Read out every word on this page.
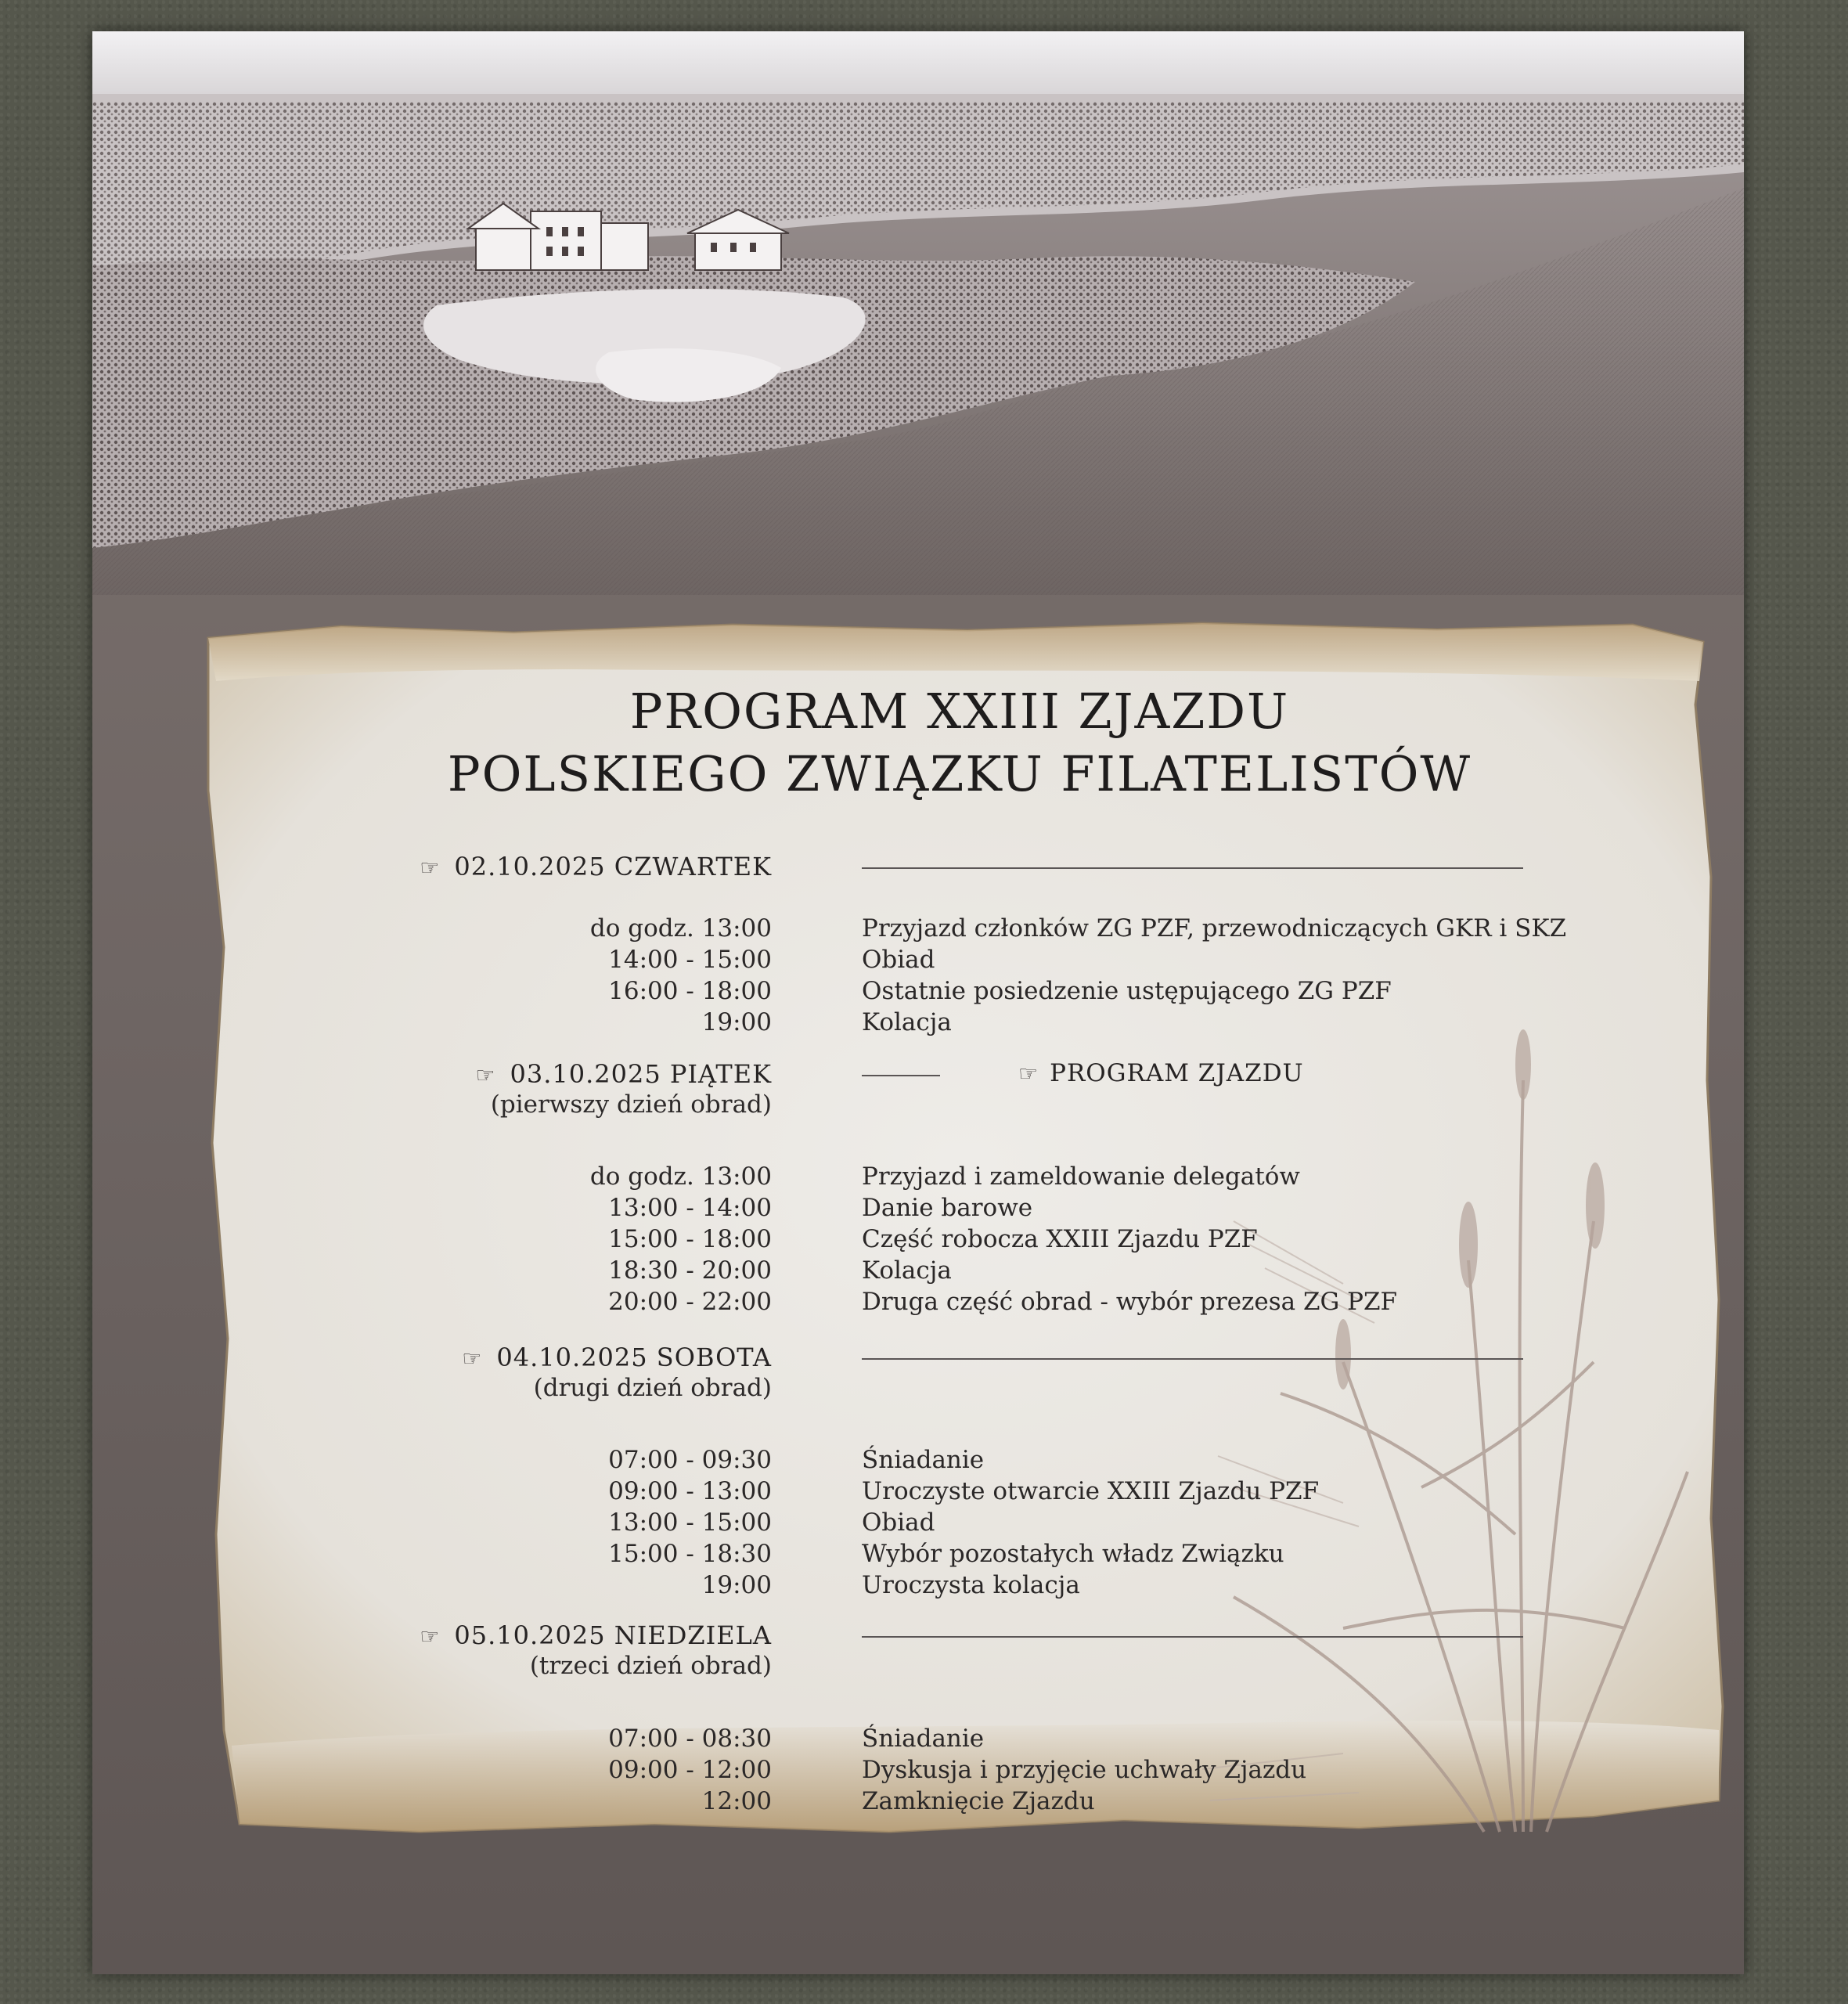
PROGRAM XXIII ZJAZDU
POLSKIEGO ZWIĄZKU FILATELISTÓW
☞ 02.10.2025 CZWARTEK
do godz. 13:00	Przyjazd członków ZG PZF, przewodniczących GKR i SKZ
14:00 - 15:00	Obiad
16:00 - 18:00	Ostatnie posiedzenie ustępującego ZG PZF
19:00	Kolacja
☞ 03.10.2025 PIĄTEK
(pierwszy dzień obrad)
☞ PROGRAM ZJAZDU
do godz. 13:00	Przyjazd i zameldowanie delegatów
13:00 - 14:00	Danie barowe
15:00 - 18:00	Część robocza XXIII Zjazdu PZF
18:30 - 20:00	Kolacja
20:00 - 22:00	Druga część obrad - wybór prezesa ZG PZF
☞ 04.10.2025 SOBOTA
(drugi dzień obrad)
07:00 - 09:30	Śniadanie
09:00 - 13:00	Uroczyste otwarcie XXIII Zjazdu PZF
13:00 - 15:00	Obiad
15:00 - 18:30	Wybór pozostałych władz Związku
19:00	Uroczysta kolacja
☞ 05.10.2025 NIEDZIELA
(trzeci dzień obrad)
07:00 - 08:30	Śniadanie
09:00 - 12:00	Dyskusja i przyjęcie uchwały Zjazdu
12:00	Zamknięcie Zjazdu
